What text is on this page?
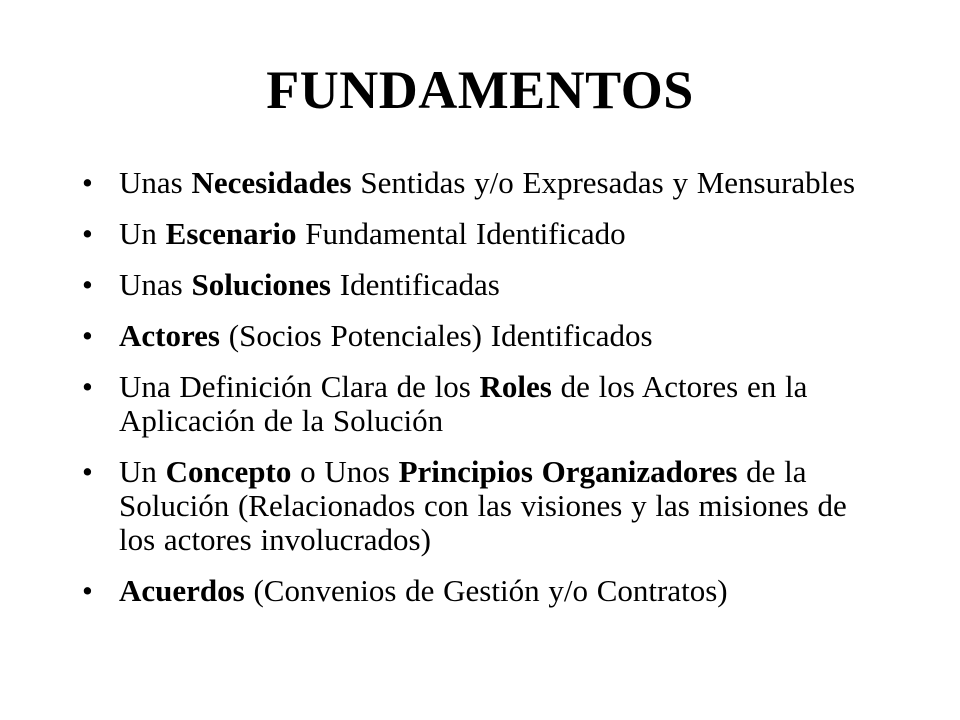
FUNDAMENTOS
• Unas Necesidades Sentidas y/o Expresadas y Mensurables
• Un Escenario Fundamental Identificado
• Unas Soluciones Identificadas
• Actores (Socios Potenciales) Identificados
• Una Definición Clara de los Roles de los Actores en la Aplicación de la Solución
• Un Concepto o Unos Principios Organizadores de la Solución (Relacionados con las visiones y las misiones de los actores involucrados)
• Acuerdos (Convenios de Gestión y/o Contratos)
